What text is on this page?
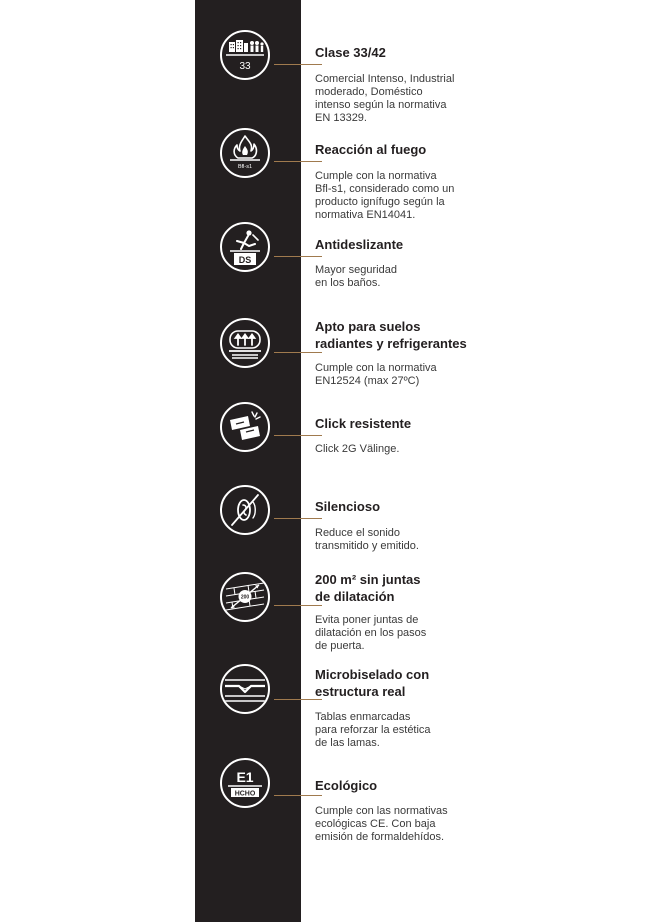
33
Clase 33/42
Comercial Intenso, Industrial
moderado, Doméstico
intenso según la normativa
EN 13329.
Bfl-s1
Reacción al fuego
Cumple con la normativa
Bfl-s1, considerado como un
producto ignífugo según la
normativa EN14041.
DS
Antideslizante
Mayor seguridad
en los baños.
Apto para suelos
radiantes y refrigerantes
Cumple con la normativa
EN12524 (max 27ºC)
Click resistente
Click 2G Välinge.
Silencioso
Reduce el sonido
transmitido y emitido.
200
200 m² sin juntas
de dilatación
Evita poner juntas de
dilatación en los pasos
de puerta.
Microbiselado con
estructura real
Tablas enmarcadas
para reforzar la estética
de las lamas.
E1
HCHO
Ecológico
Cumple con las normativas
ecológicas CE. Con baja
emisión de formaldehídos.
